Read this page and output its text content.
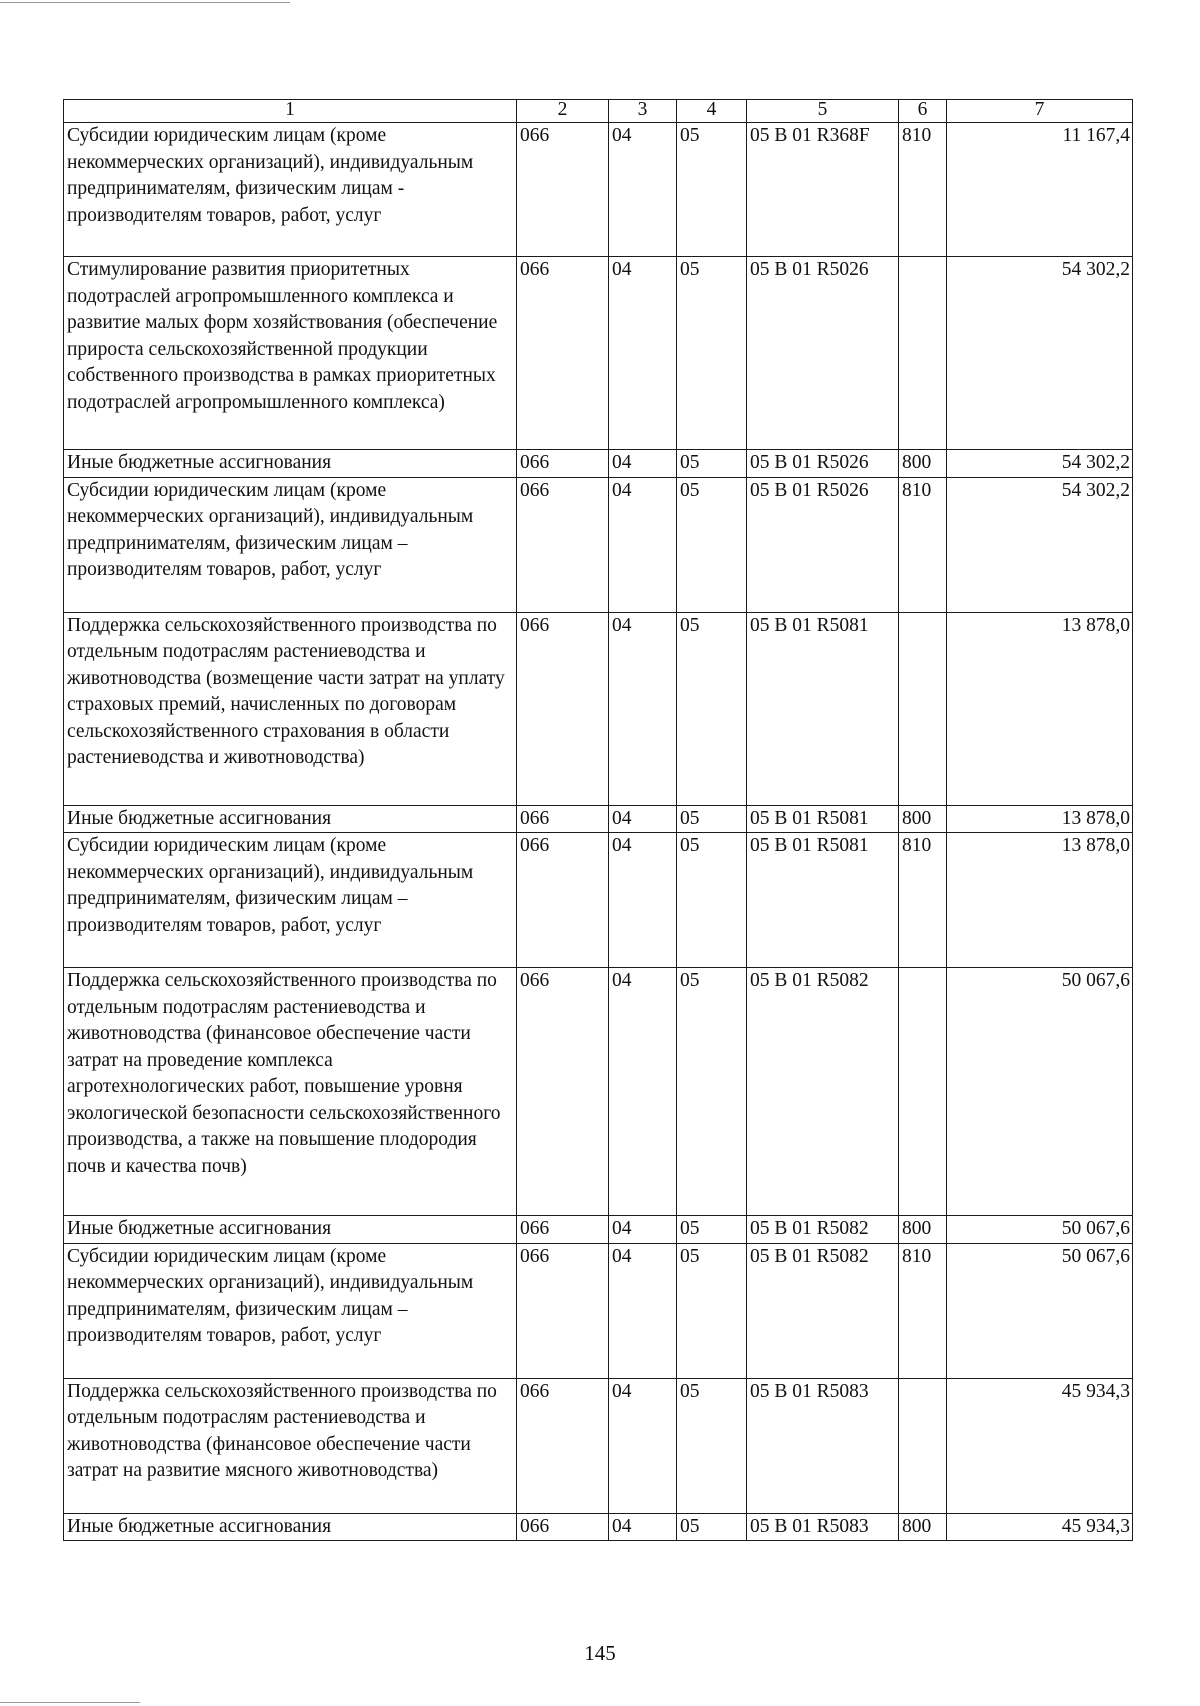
1	2	3	4	5	6	7
Субсидии юридическим лицам (кроме некоммерческих организаций), индивидуальным предпринимателям, физическим лицам - производителям товаров, работ, услуг	066	04	05	05 В 01 R368F	810	11 167,4
Стимулирование развития приоритетных подотраслей агропромышленного комплекса и развитие малых форм хозяйствования (обеспечение прироста сельскохозяйственной продукции собственного производства в рамках приоритетных подотраслей агропромышленного комплекса)	066	04	05	05 В 01 R5026		54 302,2
Иные бюджетные ассигнования	066	04	05	05 В 01 R5026	800	54 302,2
Субсидии юридическим лицам (кроме некоммерческих организаций), индивидуальным предпринимателям, физическим лицам – производителям товаров, работ, услуг	066	04	05	05 В 01 R5026	810	54 302,2
Поддержка сельскохозяйственного производства по отдельным подотраслям растениеводства и животноводства (возмещение части затрат на уплату страховых премий, начисленных по договорам сельскохозяйственного страхования в области растениеводства и животноводства)	066	04	05	05 В 01 R5081		13 878,0
Иные бюджетные ассигнования	066	04	05	05 В 01 R5081	800	13 878,0
Субсидии юридическим лицам (кроме некоммерческих организаций), индивидуальным предпринимателям, физическим лицам – производителям товаров, работ, услуг	066	04	05	05 В 01 R5081	810	13 878,0
Поддержка сельскохозяйственного производства по отдельным подотраслям растениеводства и животноводства (финансовое обеспечение части затрат на проведение комплекса агротехнологических работ, повышение уровня экологической безопасности сельскохозяйственного производства, а также на повышение плодородия почв и качества почв)	066	04	05	05 В 01 R5082		50 067,6
Иные бюджетные ассигнования	066	04	05	05 В 01 R5082	800	50 067,6
Субсидии юридическим лицам (кроме некоммерческих организаций), индивидуальным предпринимателям, физическим лицам – производителям товаров, работ, услуг	066	04	05	05 В 01 R5082	810	50 067,6
Поддержка сельскохозяйственного производства по отдельным подотраслям растениеводства и животноводства (финансовое обеспечение части затрат на развитие мясного животноводства)	066	04	05	05 В 01 R5083		45 934,3
Иные бюджетные ассигнования	066	04	05	05 В 01 R5083	800	45 934,3
145
